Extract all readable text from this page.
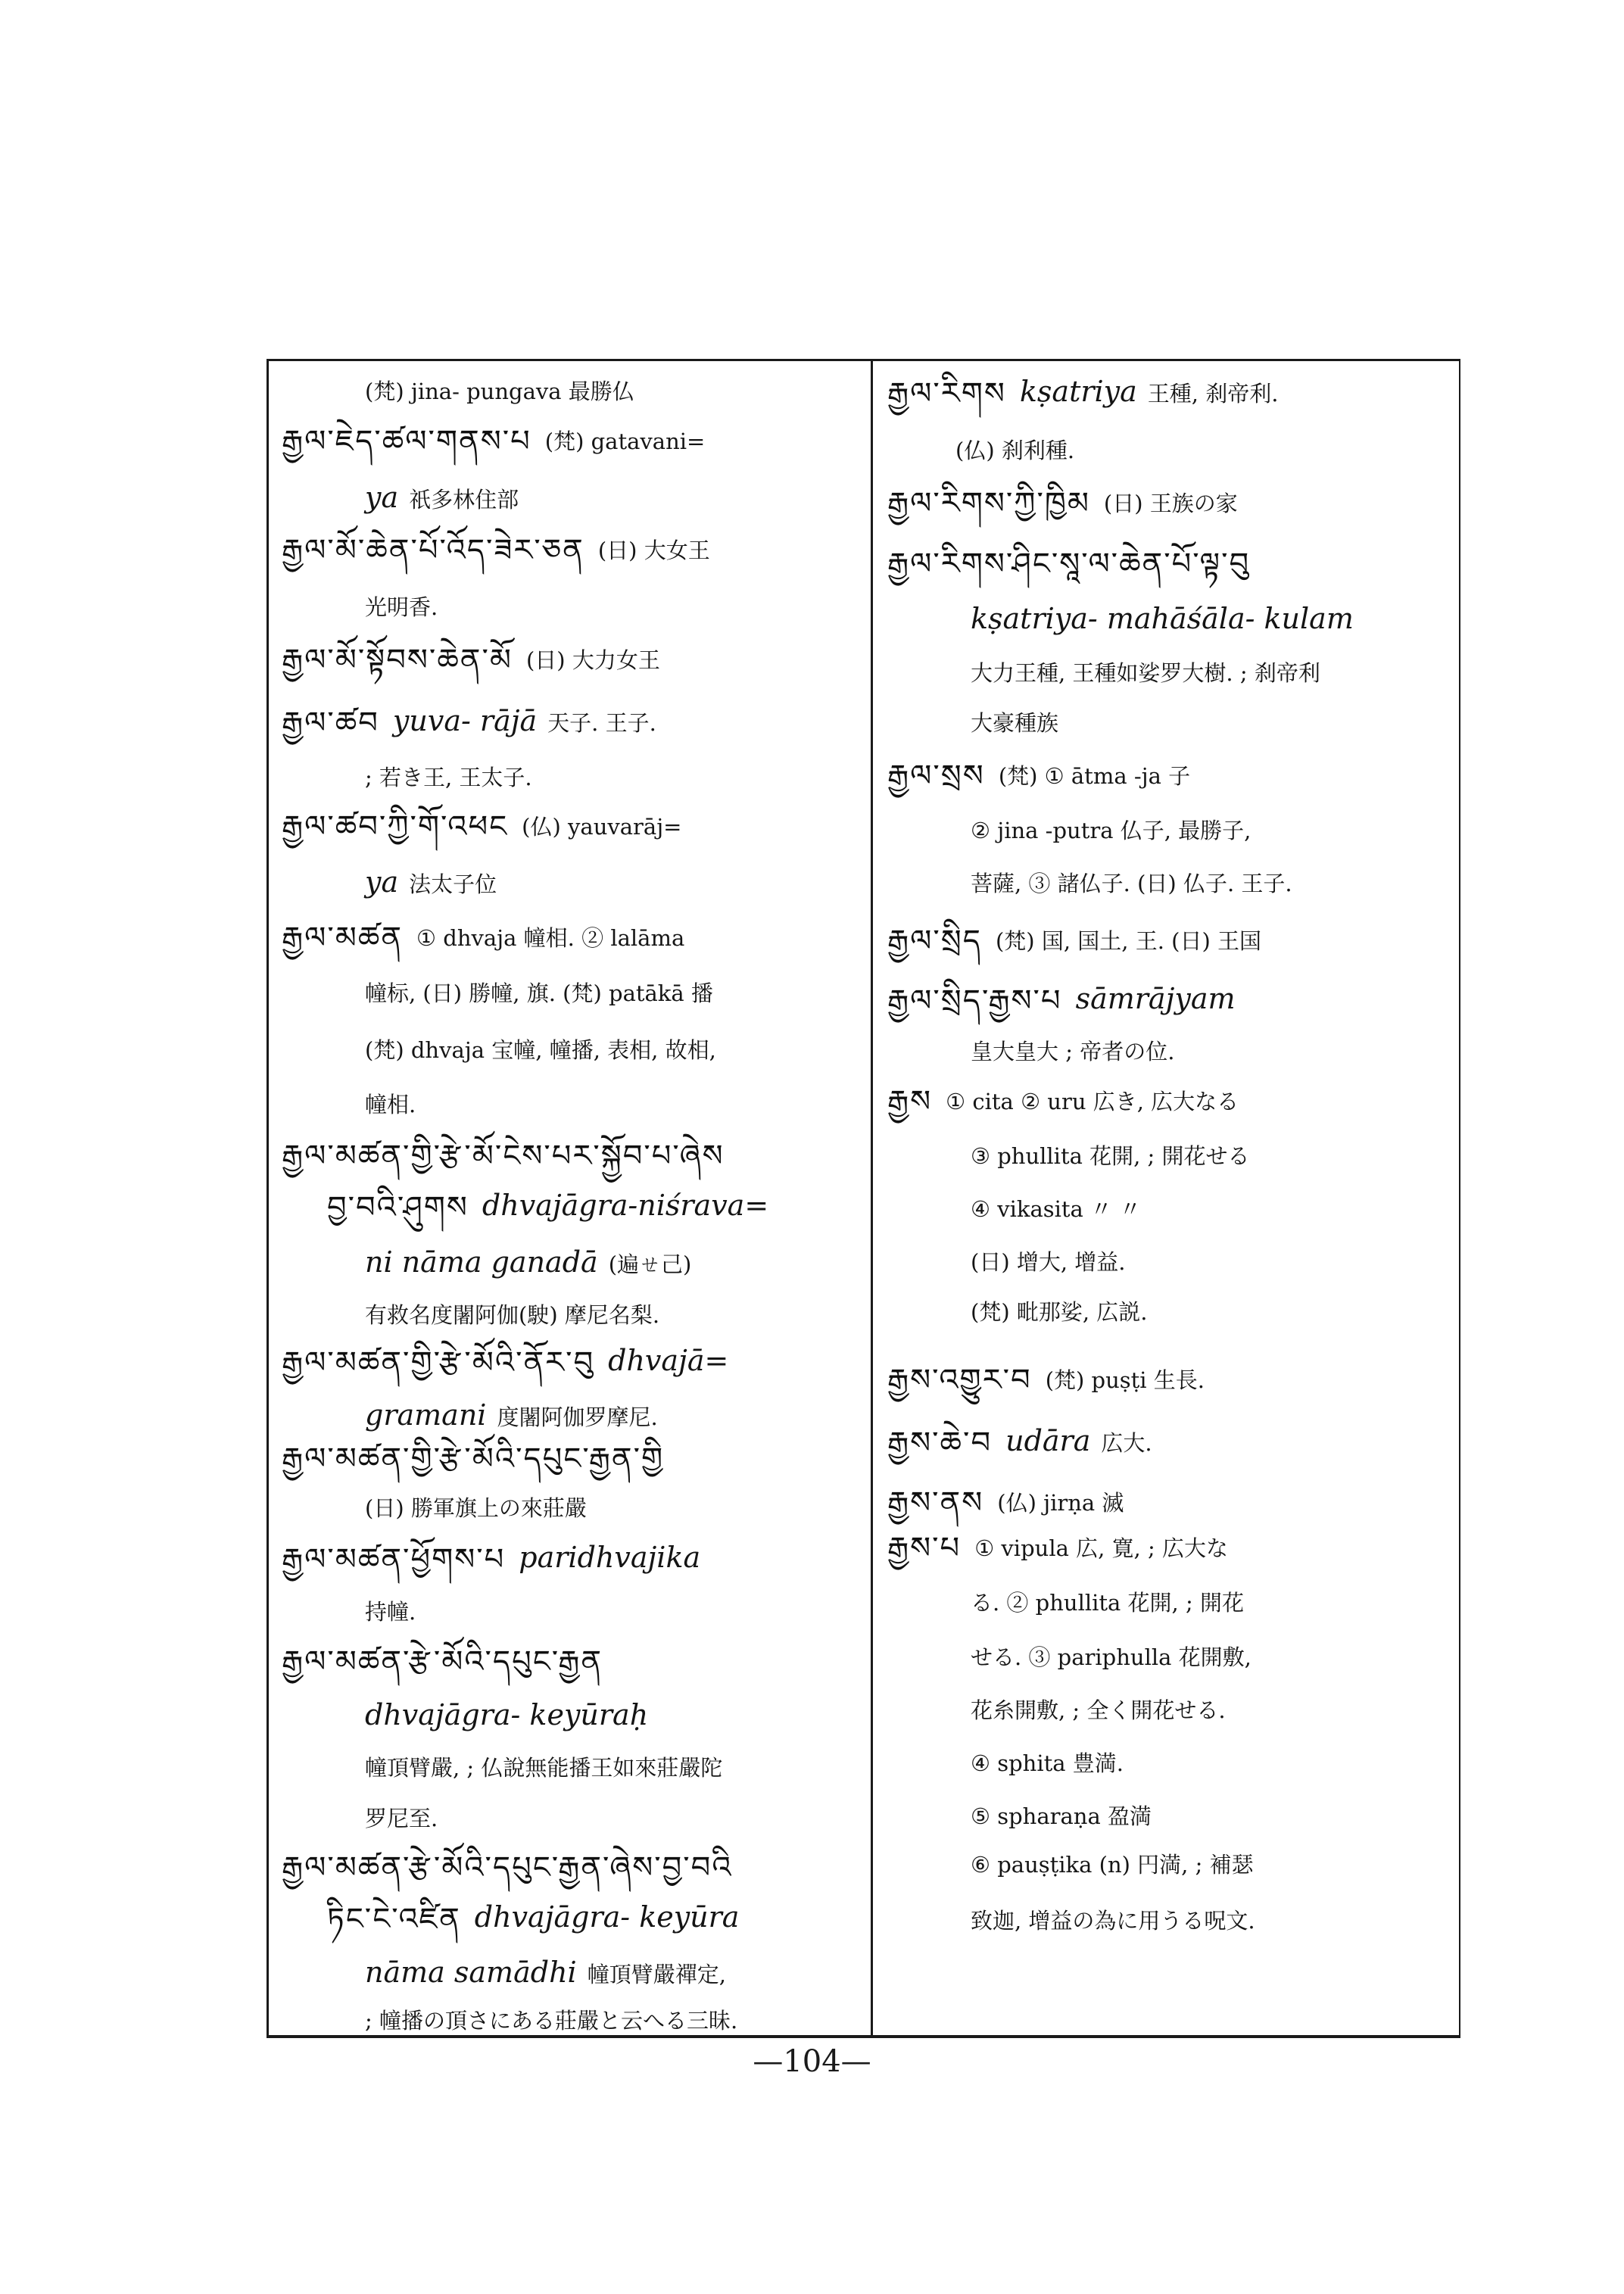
(梵) jina- pungava 最勝仏
རྒྱལ་ཇེད་ཚལ་གནས་པ (梵) gatavani=
ya 祇多林住部
རྒྱལ་མོ་ཆེན་པོ་འོད་ཟེར་ཅན (日) 大女王
光明香.
རྒྱལ་མོ་སྟོབས་ཆེན་མོ (日) 大力女王
རྒྱལ་ཚབ yuva- rājā 天子. 王子.
; 若き王, 王太子.
རྒྱལ་ཚབ་ཀྱི་གོ་འཕང (仏) yauvarāj=
ya 法太子位
རྒྱལ་མཚན ① dhvaja 幢相. ② lalāma
幢标, (日) 勝幢, 旗. (梵) patākā 播
(梵) dhvaja 宝幢, 幢播, 表相, 故相,
幢相.
རྒྱལ་མཚན་གྱི་རྩེ་མོ་ངེས་པར་སྐྱོབ་པ་ཞེས
བྱ་བའི་ཤུགས dhvajāgra-niśrava=
ni nāma ganadā (遍ㄝ己)
有救名度闍阿伽(駛) 摩尼名梨.
རྒྱལ་མཚན་གྱི་རྩེ་མོའི་ནོར་བུ dhvajā=
gramani 度闍阿伽罗摩尼.
རྒྱལ་མཚན་གྱི་རྩེ་མོའི་དཔུང་རྒྱན་གྱི
(日) 勝軍旗上の來莊嚴
རྒྱལ་མཚན་ཕྱོགས་པ paridhvajika
持幢.
རྒྱལ་མཚན་རྩེ་མོའི་དཔུང་རྒྱན
dhvajāgra- keyūraḥ
幢頂臂嚴, ; 仏說無能播王如來莊嚴陀
罗尼至.
རྒྱལ་མཚན་རྩེ་མོའི་དཔུང་རྒྱན་ཞེས་བྱ་བའི
ཏིང་ངེ་འཛིན dhvajāgra- keyūra
nāma samādhi 幢頂臂嚴禪定,
; 幢播の頂さにある莊嚴と云へる三昧.
རྒྱལ་རིགས kṣatriya 王種, 刹帝利.
(仏) 刹利種.
རྒྱལ་རིགས་ཀྱི་ཁྱིམ (日) 王族の家
རྒྱལ་རིགས་ཤིང་སཱ་ལ་ཆེན་པོ་ལྟ་བུ
kṣatriya- mahāśāla- kulam
大力王種, 王種如娑罗大樹. ; 刹帝利
大豪種族
རྒྱལ་སྲས (梵) ① ātma -ja 子
② jina -putra 仏子, 最勝子,
菩薩, ③ 諸仏子. (日) 仏子. 王子.
རྒྱལ་སྲིད (梵) 国, 国土, 王. (日) 王国
རྒྱལ་སྲིད་རྒྱས་པ sāmrājyam
皇大皇大 ; 帝者の位.
རྒྱས ① cita ② uru 広き, 広大なる
③ phullita 花開, ; 開花せる
④ vikasita 〃 〃
(日) 增大, 增益.
(梵) 毗那娑, 広説.
རྒྱས་འགྱུར་བ (梵) puṣṭi 生長.
རྒྱས་ཆེ་བ udāra 広大.
རྒྱས་ནས (仏) jirṇa 滅
རྒྱས་པ ① vipula 広, 寛, ; 広大な
る. ② phullita 花開, ; 開花
せる. ③ pariphulla 花開敷,
花糸開敷, ; 全く開花せる.
④ sphita 豊満.
⑤ spharaṇa 盈満
⑥ pauṣṭika (n) 円満, ; 補瑟
致迦, 增益の為に用うる呪文.
—104—
